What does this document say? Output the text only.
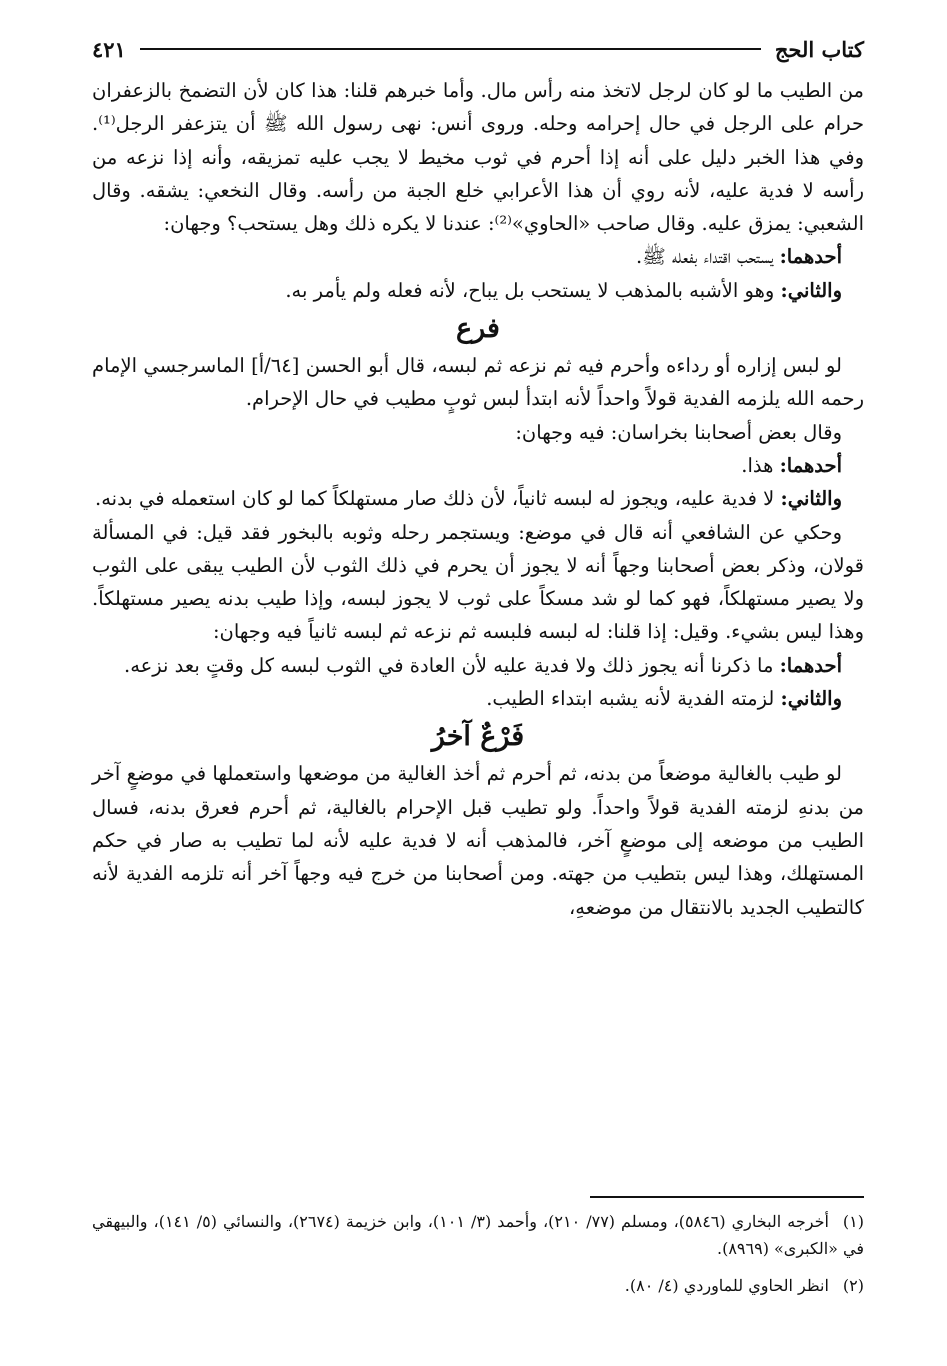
كتاب الحج
٤٢١

من الطيب ما لو كان لرجل لاتخذ منه رأس مال. وأما خبرهم قلنا: هذا كان لأن التضمخ بالزعفران حرام على الرجل في حال إحرامه وحله. وروى أنس: نهى رسول الله ﷺ أن يتزعفر الرجل⁽¹⁾. وفي هذا الخبر دليل على أنه إذا أحرم في ثوب مخيط لا يجب عليه تمزيقه، وأنه إذا نزعه من رأسه لا فدية عليه، لأنه روي أن هذا الأعرابي خلع الجبة من رأسه. وقال النخعي: يشقه. وقال الشعبي: يمزق عليه. وقال صاحب «الحاوي»⁽²⁾: عندنا لا يكره ذلك وهل يستحب؟ وجهان:

أحدهما: يستحب اقتداء بفعله ﷺ.

والثاني: وهو الأشبه بالمذهب لا يستحب بل يباح، لأنه فعله ولم يأمر به.

فرع

لو لبس إزاره أو رداءه وأحرم فيه ثم نزعه ثم لبسه، قال أبو الحسن [٦٤/أ] الماسرجسي الإمام رحمه الله يلزمه الفدية قولاً واحداً لأنه ابتدأ لبس ثوبٍ مطيب في حال الإحرام.

وقال بعض أصحابنا بخراسان: فيه وجهان:

أحدهما: هذا.

والثاني: لا فدية عليه، ويجوز له لبسه ثانياً، لأن ذلك صار مستهلكاً كما لو كان استعمله في بدنه.

وحكي عن الشافعي أنه قال في موضع: ويستجمر رحله وثوبه بالبخور فقد قيل: في المسألة قولان، وذكر بعض أصحابنا وجهاً أنه لا يجوز أن يحرم في ذلك الثوب لأن الطيب يبقى على الثوب ولا يصير مستهلكاً، فهو كما لو شد مسكاً على ثوب لا يجوز لبسه، وإذا طيب بدنه يصير مستهلكاً. وهذا ليس بشيء. وقيل: إذا قلنا: له لبسه فلبسه ثم نزعه ثم لبسه ثانياً فيه وجهان:

أحدهما: ما ذكرنا أنه يجوز ذلك ولا فدية عليه لأن العادة في الثوب لبسه كل وقتٍ بعد نزعه.

والثاني: لزمته الفدية لأنه يشبه ابتداء الطيب.

فَرْعٌ آخرُ

لو طيب بالغالية موضعاً من بدنه، ثم أحرم ثم أخذ الغالية من موضعها واستعملها في موضعٍ آخر من بدنهِ لزمته الفدية قولاً واحداً. ولو تطيب قبل الإحرام بالغالية، ثم أحرم فعرق بدنه، فسال الطيب من موضعه إلى موضعٍ آخر، فالمذهب أنه لا فدية عليه لأنه لما تطيب به صار في حكم المستهلك، وهذا ليس بتطيب من جهته. ومن أصحابنا من خرج فيه وجهاً آخر أنه تلزمه الفدية لأنه كالتطيب الجديد بالانتقال من موضعهِ،

(١)أخرجه البخاري (٥٨٤٦)، ومسلم (٧٧/ ٢١٠)، وأحمد (٣/ ١٠١)، وابن خزيمة (٢٦٧٤)، والنسائي (٥/ ١٤١)، والبيهقي في «الكبرى» (٨٩٦٩).

(٢)انظر الحاوي للماوردي (٤/ ٨٠).
